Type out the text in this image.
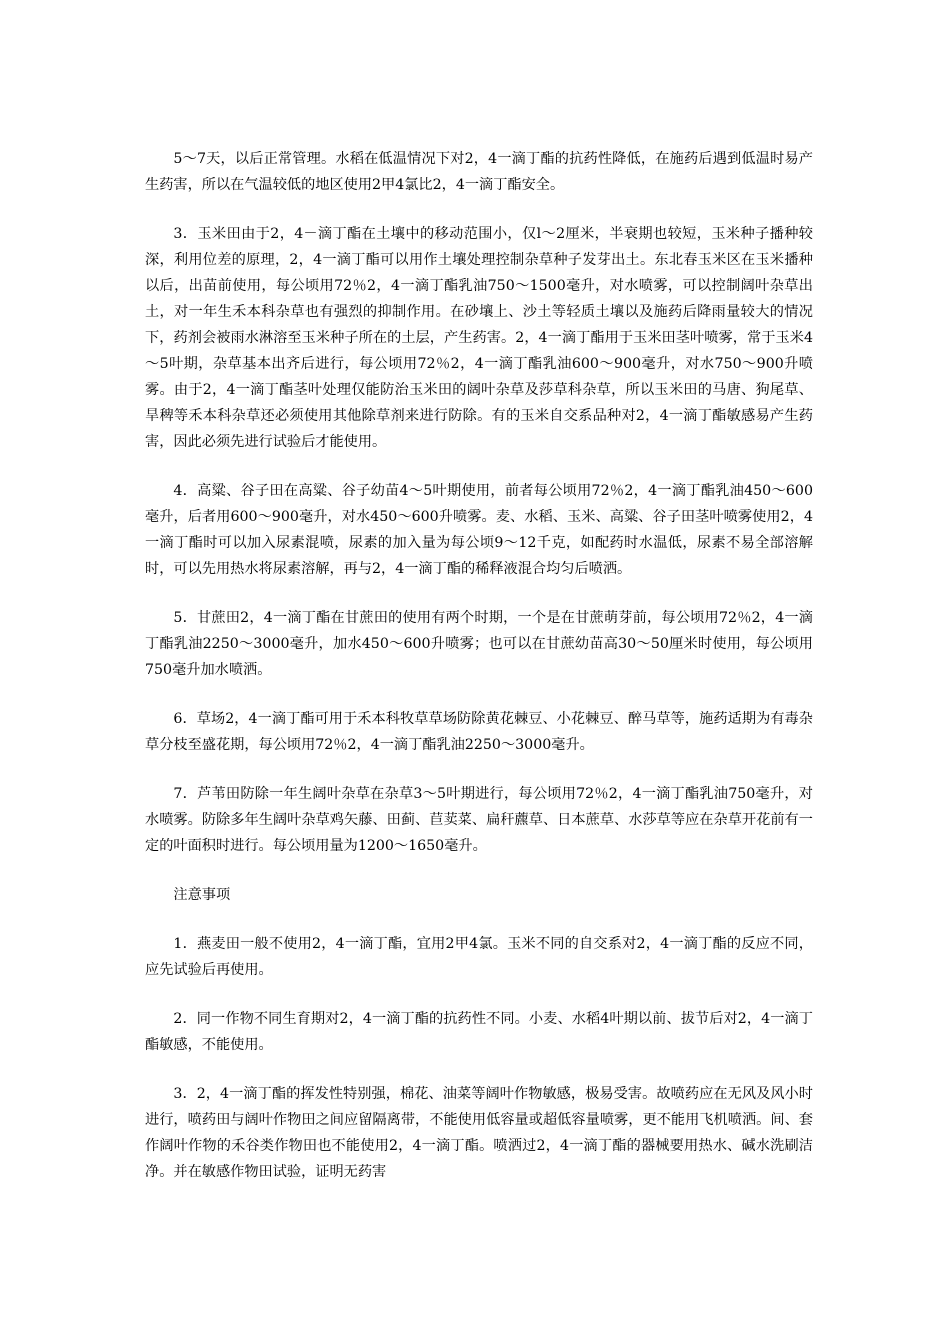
5～7天，以后正常管理。水稻在低温情况下对2，4一滴丁酯的抗药性降低，在施药后遇到低温时易产生药害，所以在气温较低的地区使用2甲4氯比2，4一滴丁酯安全。

3．玉米田由于2，4－滴丁酯在土壤中的移动范围小，仅l～2厘米，半衰期也较短，玉米种子播种较深，利用位差的原理，2，4一滴丁酯可以用作土壤处理控制杂草种子发芽出土。东北春玉米区在玉米播种以后，出苗前使用，每公顷用72％2，4一滴丁酯乳油750～1500毫升，对水喷雾，可以控制阔叶杂草出土，对一年生禾本科杂草也有强烈的抑制作用。在砂壤上、沙土等轻质土壤以及施药后降雨量较大的情况下，药剂会被雨水淋溶至玉米种子所在的土层，产生药害。2，4一滴丁酯用于玉米田茎叶喷雾，常于玉米4～5叶期，杂草基本出齐后进行，每公顷用72％2，4一滴丁酯乳油600～900毫升，对水750～900升喷雾。由于2，4一滴丁酯茎叶处理仅能防治玉米田的阔叶杂草及莎草科杂草，所以玉米田的马唐、狗尾草、旱稗等禾本科杂草还必须使用其他除草剂来进行防除。有的玉米自交系品种对2，4一滴丁酯敏感易产生药害，因此必须先进行试验后才能使用。

4．高粱、谷子田在高粱、谷子幼苗4～5叶期使用，前者每公顷用72％2，4一滴丁酯乳油450～600毫升，后者用600～900毫升，对水450～600升喷雾。麦、水稻、玉米、高粱、谷子田茎叶喷雾使用2，4一滴丁酯时可以加入尿素混喷，尿素的加入量为每公顷9～12千克，如配药时水温低，尿素不易全部溶解时，可以先用热水将尿素溶解，再与2，4一滴丁酯的稀释液混合均匀后喷洒。

5．甘蔗田2，4一滴丁酯在甘蔗田的使用有两个时期，一个是在甘蔗萌芽前，每公顷用72％2，4一滴丁酯乳油2250～3000毫升，加水450～600升喷雾；也可以在甘蔗幼苗高30～50厘米时使用，每公顷用750毫升加水喷洒。

6．草场2，4一滴丁酯可用于禾本科牧草草场防除黄花棘豆、小花棘豆、醉马草等，施药适期为有毒杂草分枝至盛花期，每公顷用72％2，4一滴丁酯乳油2250～3000毫升。

7．芦苇田防除一年生阔叶杂草在杂草3～5叶期进行，每公顷用72％2，4一滴丁酯乳油750毫升，对水喷雾。防除多年生阔叶杂草鸡矢藤、田蓟、苣荬菜、扁秆藨草、日本蔗草、水莎草等应在杂草开花前有一定的叶面积时进行。每公顷用量为1200～1650毫升。

注意事项

1．燕麦田一般不使用2，4一滴丁酯，宜用2甲4氯。玉米不同的自交系对2，4一滴丁酯的反应不同，应先试验后再使用。

2．同一作物不同生育期对2，4一滴丁酯的抗药性不同。小麦、水稻4叶期以前、拔节后对2，4一滴丁酯敏感，不能使用。

3．2，4一滴丁酯的挥发性特别强，棉花、油菜等阔叶作物敏感，极易受害。故喷药应在无风及风小时进行，喷药田与阔叶作物田之间应留隔离带，不能使用低容量或超低容量喷雾，更不能用飞机喷洒。间、套作阔叶作物的禾谷类作物田也不能使用2，4一滴丁酯。喷洒过2，4一滴丁酯的器械要用热水、碱水洗刷洁净。并在敏感作物田试验，证明无药害
